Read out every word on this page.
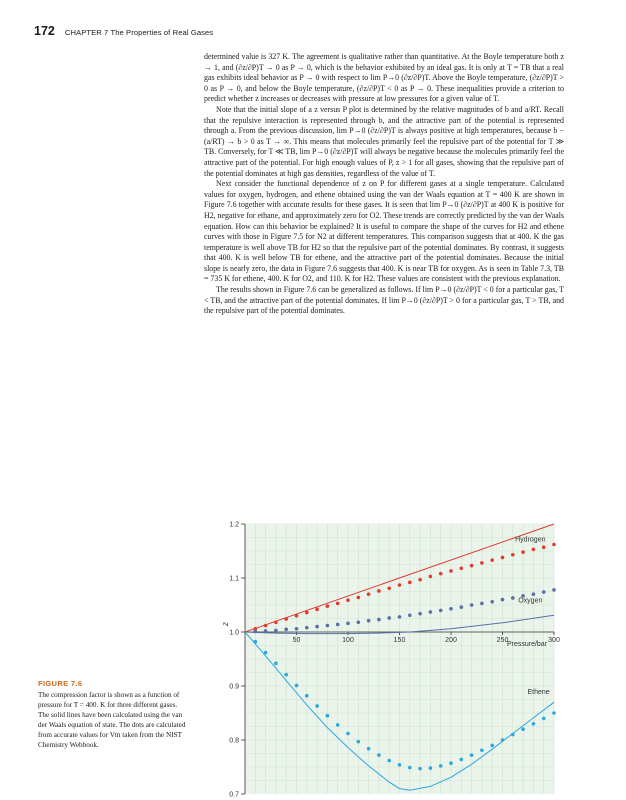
172 CHAPTER 7 The Properties of Real Gases

determined value is 327 K. The agreement is qualitative rather than quantitative. At the Boyle temperature both z → 1, and (∂z/∂P)T → 0 as P → 0, which is the behavior exhibited by an ideal gas. It is only at T = TB that a real gas exhibits ideal behavior as P → 0 with respect to lim P→0 (∂z/∂P)T. Above the Boyle temperature, (∂z/∂P)T > 0 as P → 0, and below the Boyle temperature, (∂z/∂P)T < 0 as P → 0. These inequalities provide a criterion to predict whether z increases or decreases with pressure at low pressures for a given value of T.

Note that the initial slope of a z versus P plot is determined by the relative magnitudes of b and a/RT. Recall that the repulsive interaction is represented through b, and the attractive part of the potential is represented through a. From the previous discussion, lim P→0 (∂z/∂P)T is always positive at high temperatures, because b − (a/RT) → b > 0 as T → ∞. This means that molecules primarily feel the repulsive part of the potential for T ≫ TB. Conversely, for T ≪ TB, lim P→0 (∂z/∂P)T will always be negative because the molecules primarily feel the attractive part of the potential. For high enough values of P, z > 1 for all gases, showing that the repulsive part of the potential dominates at high gas densities, regardless of the value of T.

Next consider the functional dependence of z on P for different gases at a single temperature. Calculated values for oxygen, hydrogen, and ethene obtained using the van der Waals equation at T = 400 K are shown in Figure 7.6 together with accurate results for these gases. It is seen that lim P→0 (∂z/∂P)T at 400 K is positive for H2, negative for ethane, and approximately zero for O2. These trends are correctly predicted by the van der Waals equation. How can this behavior be explained? It is useful to compare the shape of the curves for H2 and ethene curves with those in Figure 7.5 for N2 at different temperatures. This comparison suggests that at 400. K the gas temperature is well above TB for H2 so that the repulsive part of the potential dominates. By contrast, it suggests that 400. K is well below TB for ethene, and the attractive part of the potential dominates. Because the initial slope is nearly zero, the data in Figure 7.6 suggests that 400. K is near TB for oxygen. As is seen in Table 7.3, TB = 735 K for ethene, 400. K for O2, and 110. K for H2. These values are consistent with the previous explanation.

The results shown in Figure 7.6 can be generalized as follows. If lim P→0 (∂z/∂P)T < 0 for a particular gas, T < TB, and the attractive part of the potential dominates. If lim P→0 (∂z/∂P)T > 0 for a particular gas, T > TB, and the repulsive part of the potential dominates.

FIGURE 7.6
The compression factor is shown as a function of pressure for T = 400. K for three different gases. The solid lines have been calculated using the van der Waals equation of state. The dots are calculated from accurate values for Vm taken from the NIST Chemistry Webbook.
0.7
0.8
0.9
1.0
1.1
1.2
50	100	150	200	250	300
Hydrogen
Oxygen
Ethene
z
Pressure/bar
